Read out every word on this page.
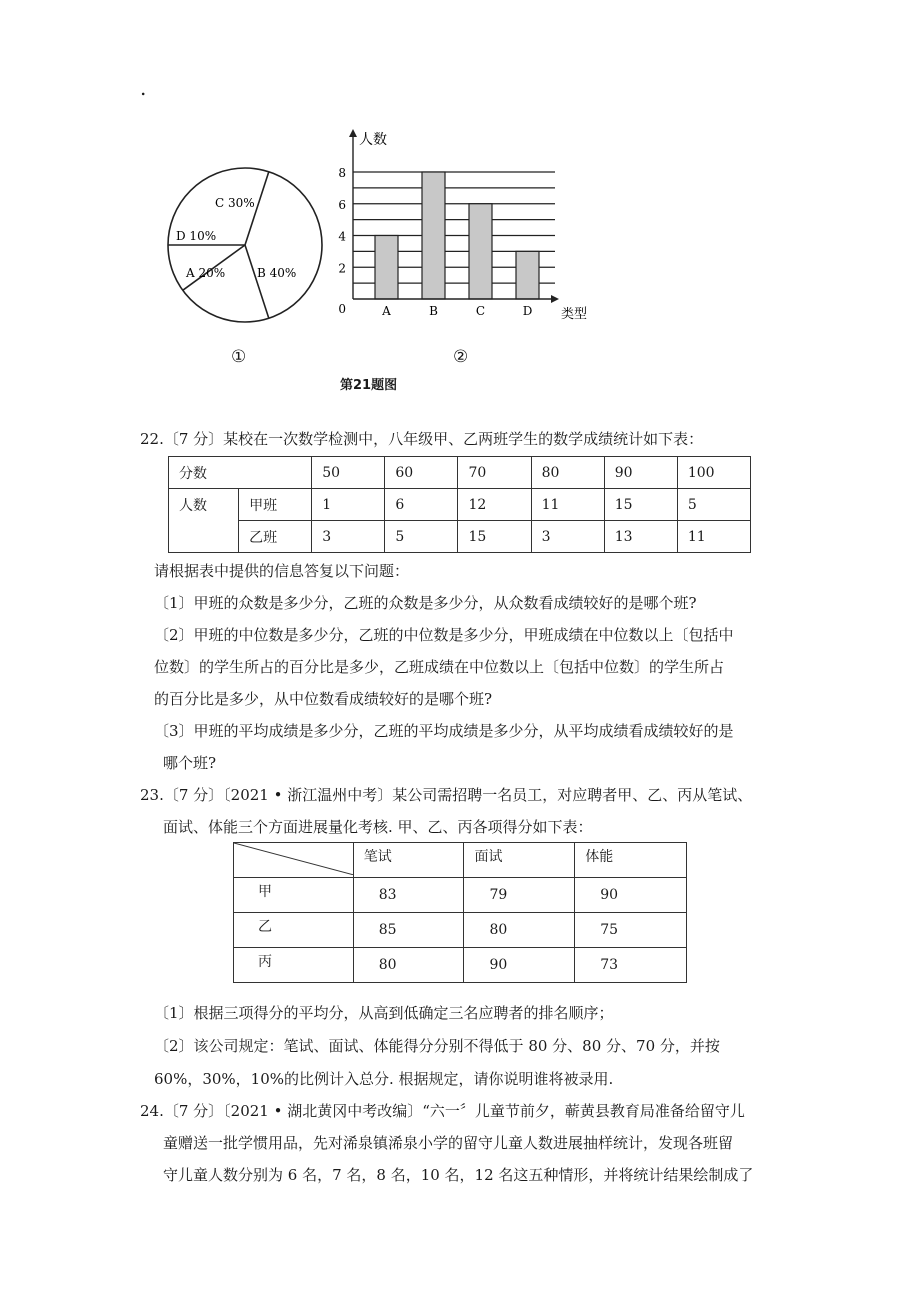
.
C 30%
D 10%
A 20%	B 40%
0
2
4
6
8
A	B	C	D
人数
类型
①	②
第21题图
22.〔7 分〕某校在一次数学检测中，八年级甲、乙两班学生的数学成绩统计如下表：
分数		50	60	70	80	90	100
人数	甲班	1	6	12	11	15	5
	乙班	3	5	15	3	13	11
请根据表中提供的信息答复以下问题：
〔1〕甲班的众数是多少分，乙班的众数是多少分，从众数看成绩较好的是哪个班?
〔2〕甲班的中位数是多少分，乙班的中位数是多少分，甲班成绩在中位数以上〔包括中
位数〕的学生所占的百分比是多少，乙班成绩在中位数以上〔包括中位数〕的学生所占
的百分比是多少，从中位数看成绩较好的是哪个班?
〔3〕甲班的平均成绩是多少分，乙班的平均成绩是多少分，从平均成绩看成绩较好的是
哪个班?
23.〔7 分〕〔2021 • 浙江温州中考〕某公司需招聘一名员工，对应聘者甲、乙、丙从笔试、
面试、体能三个方面进展量化考核. 甲、乙、丙各项得分如下表：
	笔试	面试	体能
甲	83	79	90
乙	85	80	75
丙	80	90	73
〔1〕根据三项得分的平均分，从高到低确定三名应聘者的排名顺序；
〔2〕该公司规定：笔试、面试、体能得分分别不得低于 80 分、80 分、70 分，并按
60%，30%，10%的比例计入总分. 根据规定，请你说明谁将被录用.
24.〔7 分〕〔2021 • 湖北黄冈中考改编〕“六一〞儿童节前夕，蕲黄县教育局准备给留守儿
童赠送一批学惯用品，先对浠泉镇浠泉小学的留守儿童人数进展抽样统计，发现各班留
守儿童人数分别为 6 名，7 名，8 名，10 名，12 名这五种情形，并将统计结果绘制成了
